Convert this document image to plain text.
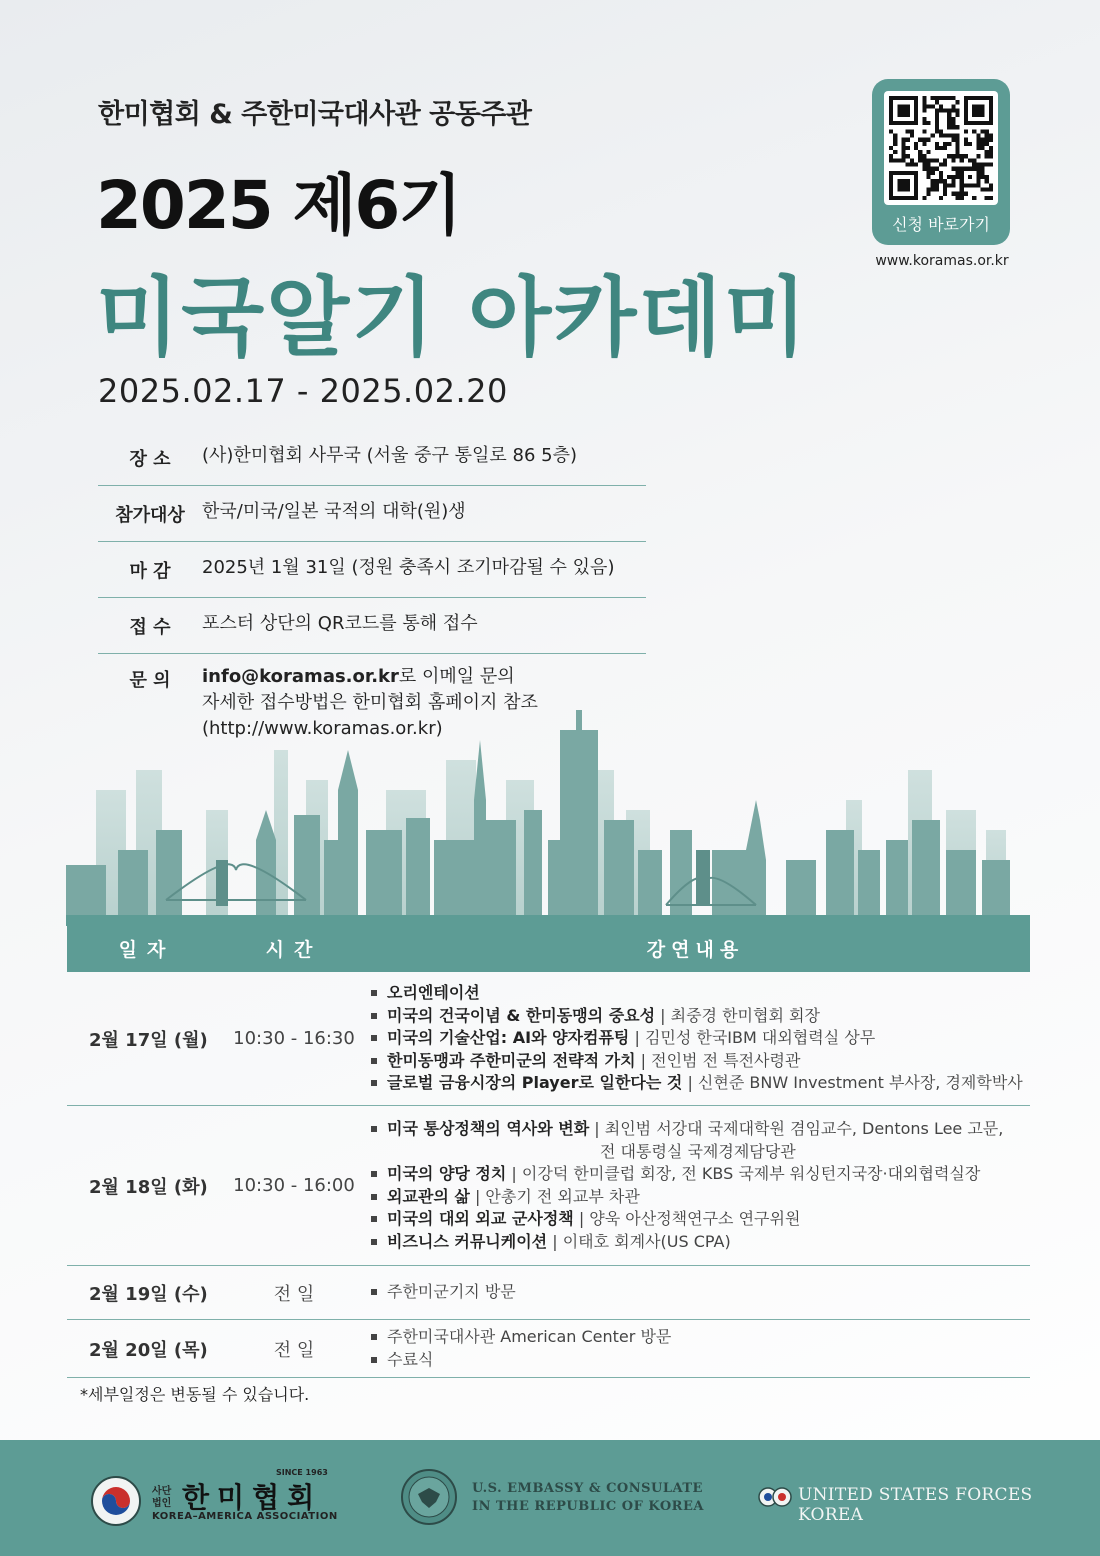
한미협회 & 주한미국대사관 공동주관
2025 제6기
미국알기 아카데미
2025.02.17 - 2025.02.20
신청 바로가기
www.koramas.or.kr
장 소	(사)한미협회 사무국 (서울 중구 통일로 86 5층)
참가대상 한국/미국/일본 국적의 대학(원)생
마 감	2025년 1월 31일 (정원 충족시 조기마감될 수 있음)
접 수	포스터 상단의 QR코드를 통해 접수
문 의	info@koramas.or.kr로 이메일 문의
자세한 접수방법은 한미협회 홈페이지 참조
(http://www.koramas.or.kr)
일자	시간	강연내용
2월 17일 (월)	10:30 - 16:30
오리엔테이션
미국의 건국이념 & 한미동맹의 중요성 | 최중경 한미협회 회장
미국의 기술산업: AI와 양자컴퓨팅 | 김민성 한국IBM 대외협력실 상무
한미동맹과 주한미군의 전략적 가치 | 전인범 전 특전사령관
글로벌 금융시장의 Player로 일한다는 것 | 신현준 BNW Investment 부사장, 경제학박사
2월 18일 (화)	10:30 - 16:00
미국 통상정책의 역사와 변화 | 최인범 서강대 국제대학원 겸임교수, Dentons Lee 고문,
전 대통령실 국제경제담당관
미국의 양당 정치 | 이강덕 한미클럽 회장, 전 KBS 국제부 워싱턴지국장·대외협력실장
외교관의 삶 | 안총기 전 외교부 차관
미국의 대외 외교 군사정책 | 양욱 아산정책연구소 연구위원
비즈니스 커뮤니케이션 | 이태호 회계사(US CPA)
2월 19일 (수)	전 일	주한미군기지 방문
2월 20일 (목)	전 일
주한미국대사관 American Center 방문
수료식
*세부일정은 변동될 수 있습니다.
사단
법인
SINCE 1963
한미협회
KOREA–AMERICA ASSOCIATION
U.S. EMBASSY & CONSULATE
IN THE REPUBLIC OF KOREA
UNITED STATES FORCES KOREA
